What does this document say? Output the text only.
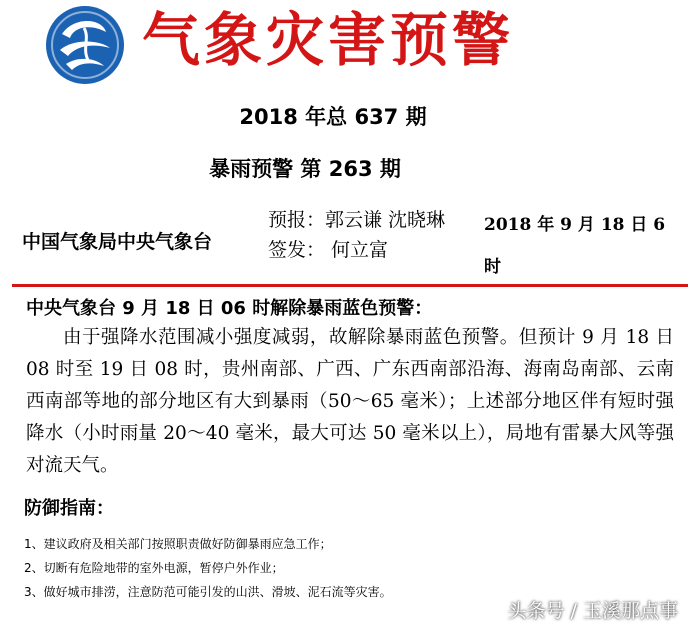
气象灾害预警
2018 年总 637 期
暴雨预警 第 263 期
中国气象局中央气象台
预报：郭云谦 沈晓琳
签发： 何立富
2018 年 9 月 18 日 6 时
中央气象台 9 月 18 日 06 时解除暴雨蓝色预警：
由于强降水范围减小强度减弱，故解除暴雨蓝色预警。但预计 9 月 18 日 08 时至 19 日 08 时，贵州南部、广西、广东西南部沿海、海南岛南部、云南西南部等地的部分地区有大到暴雨（50～65 毫米）；上述部分地区伴有短时强降水（小时雨量 20～40 毫米，最大可达 50 毫米以上），局地有雷暴大风等强对流天气。
防御指南：
1、建议政府及相关部门按照职责做好防御暴雨应急工作；
2、切断有危险地带的室外电源，暂停户外作业；
3、做好城市排涝，注意防范可能引发的山洪、滑坡、泥石流等灾害。
头条号 / 玉溪那点事
